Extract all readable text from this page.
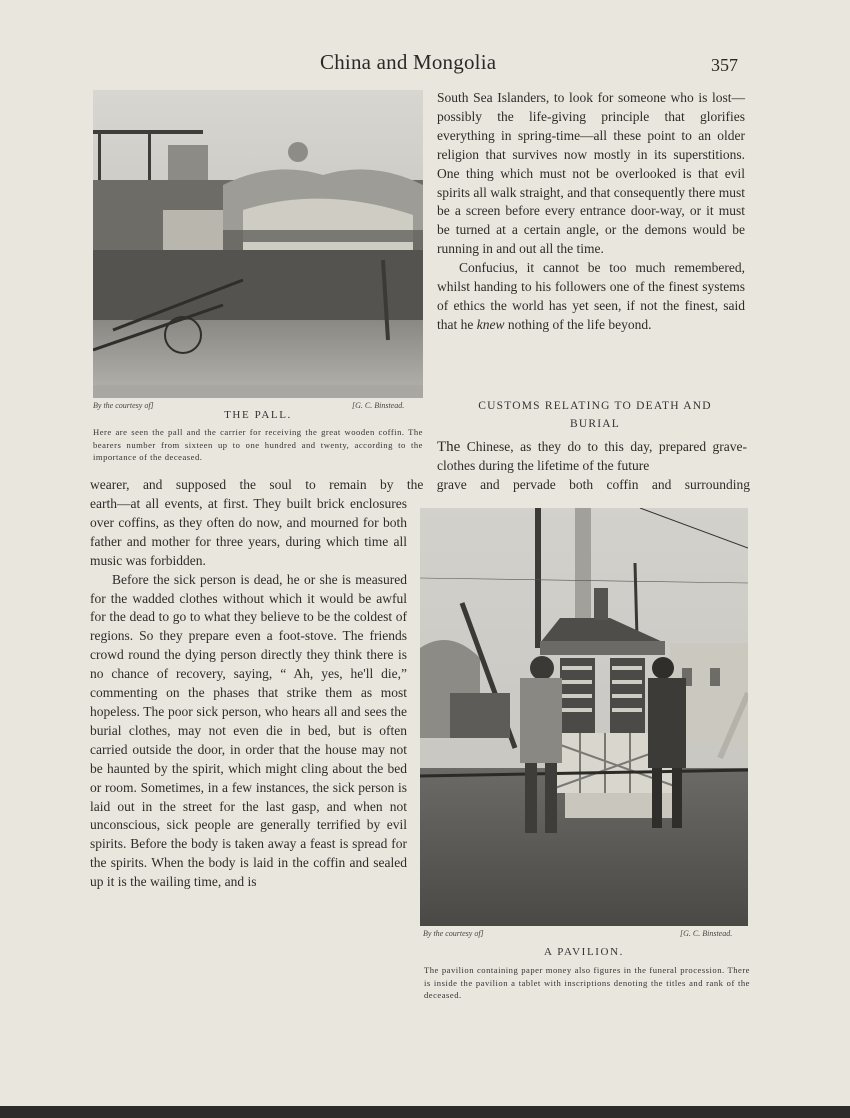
China and Mongolia	357
By the courtesy of]	[G. C. Binstead.
THE PALL.
Here are seen the pall and the carrier for receiving the great wooden coffin. The bearers number from sixteen up to one hundred and twenty, according to the importance of the deceased.

South Sea Islanders, to look for someone who is lost—possibly the life-giving principle that glorifies everything in spring-time—all these point to an older religion that survives now mostly in its superstitions. One thing which must not be overlooked is that evil spirits all walk straight, and that consequently there must be a screen before every entrance door-way, or it must be turned at a certain angle, or the demons would be running in and out all the time.

Confucius, it cannot be too much remembered, whilst handing to his followers one of the finest systems of ethics the world has yet seen, if not the finest, said that he knew nothing of the life beyond.

CUSTOMS RELATING TO DEATH AND BURIAL

The Chinese, as they do to this day, prepared grave-clothes during the lifetime of the future

wearer, and supposed the soul to remain by the grave and pervade both coffin and surrounding

earth—at all events, at first. They built brick enclosures over coffins, as they often do now, and mourned for both father and mother for three years, during which time all music was forbidden.

Before the sick person is dead, he or she is measured for the wadded clothes without which it would be awful for the dead to go to what they believe to be the coldest of regions. So they prepare even a foot-stove. The friends crowd round the dying person directly they think there is no chance of recovery, saying, “ Ah, yes, he'll die,” commenting on the phases that strike them as most hopeless. The poor sick person, who hears all and sees the burial clothes, may not even die in bed, but is often carried outside the door, in order that the house may not be haunted by the spirit, which might cling about the bed or room. Sometimes, in a few instances, the sick person is laid out in the street for the last gasp, and when not unconscious, sick people are generally terrified by evil spirits. Before the body is taken away a feast is spread for the spirits. When the body is laid in the coffin and sealed up it is the wailing time, and is

By the courtesy of]	[G. C. Binstead.
A PAVILION.
The pavilion containing paper money also figures in the funeral procession. There is inside the pavilion a tablet with inscriptions denoting the titles and rank of the deceased.
